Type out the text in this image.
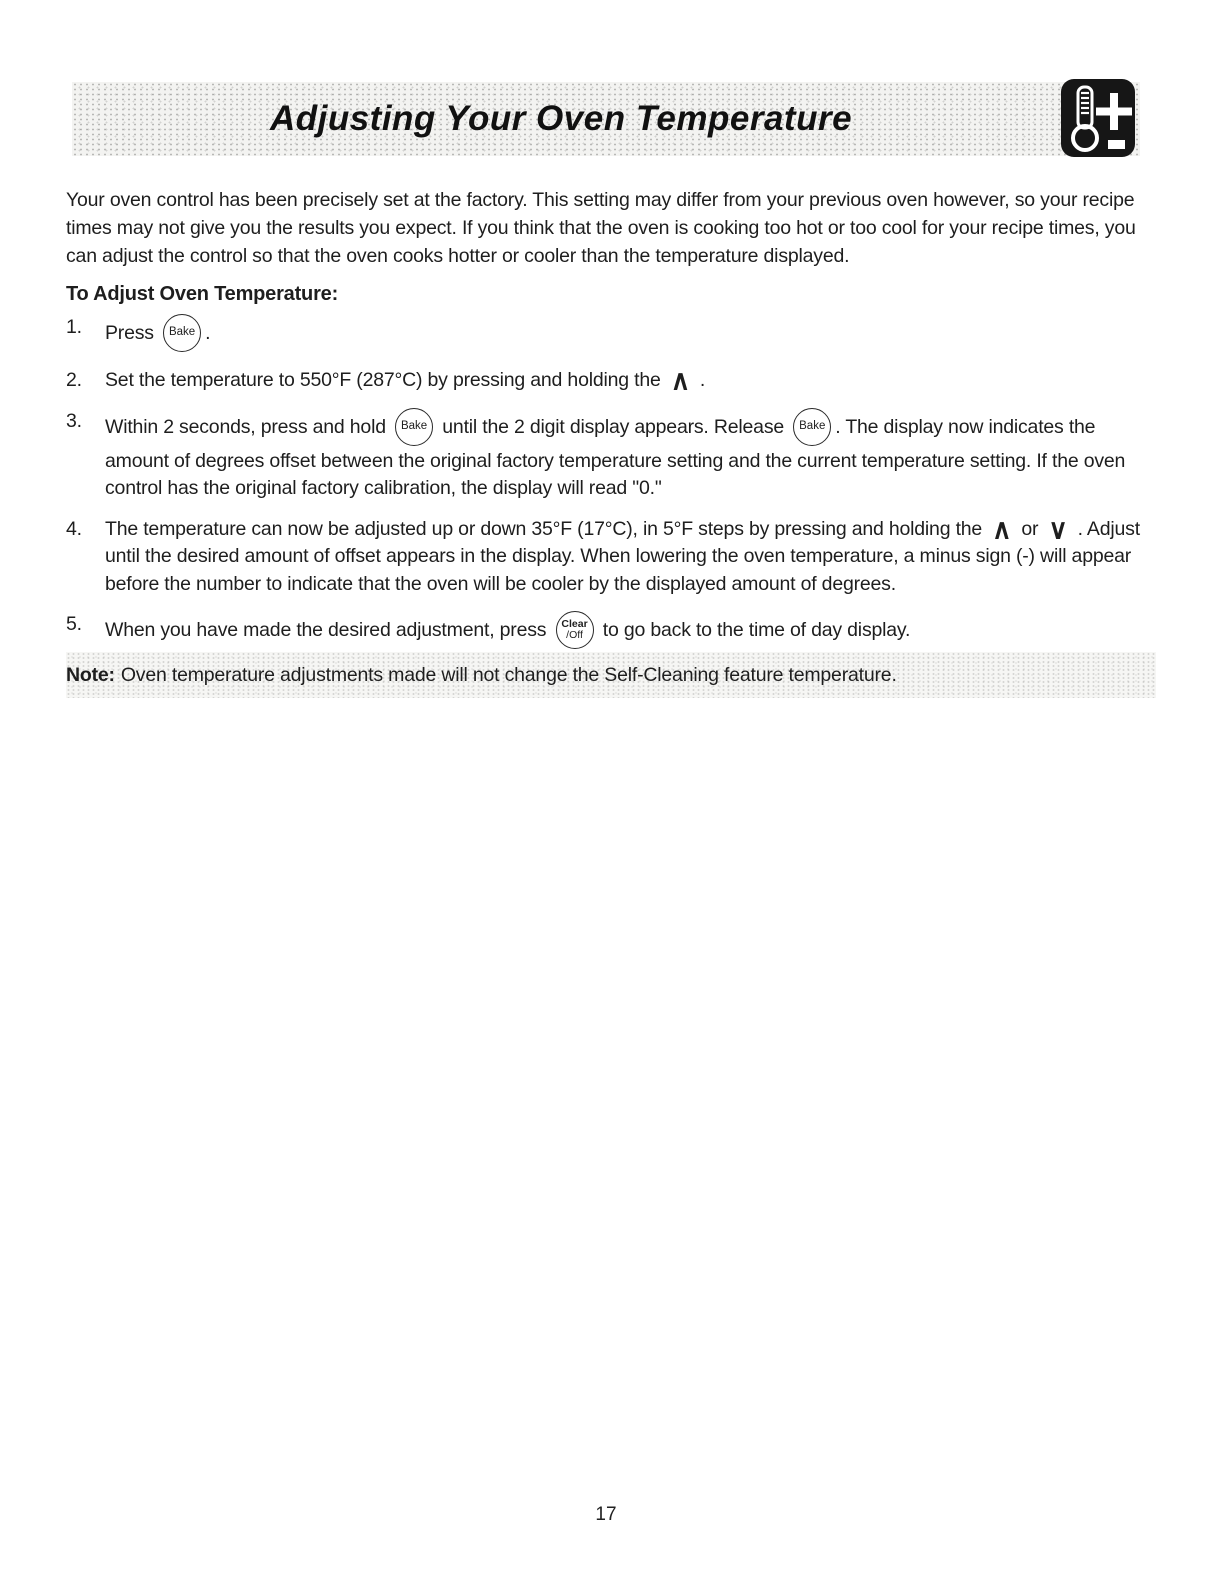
Adjusting Your Oven Temperature

Your oven control has been precisely set at the factory. This setting may differ from your previous oven however, so your recipe times may not give you the results you expect. If you think that the oven is cooking too hot or too cool for your recipe times, you can adjust the control so that the oven cooks hotter or cooler than the temperature displayed.

To Adjust Oven Temperature:
1.	Press Bake .
2.	Set the temperature to 550°F (287°C) by pressing and holding the ∧ .
3.	Within 2 seconds, press and hold Bake until the 2 digit display appears. Release Bake . The display now indicates the amount of degrees offset between the original factory temperature setting and the current temperature setting. If the oven control has the original factory calibration, the display will read "0."
4.	The temperature can now be adjusted up or down 35°F (17°C), in 5°F steps by pressing and holding the ∧ or ∨ . Adjust until the desired amount of offset appears in the display. When lowering the oven temperature, a minus sign (-) will appear before the number to indicate that the oven will be cooler by the displayed amount of degrees.
5.	When you have made the desired adjustment, press Clear
/Off to go back to the time of day display.
Note: Oven temperature adjustments made will not change the Self-Cleaning feature temperature.
17
